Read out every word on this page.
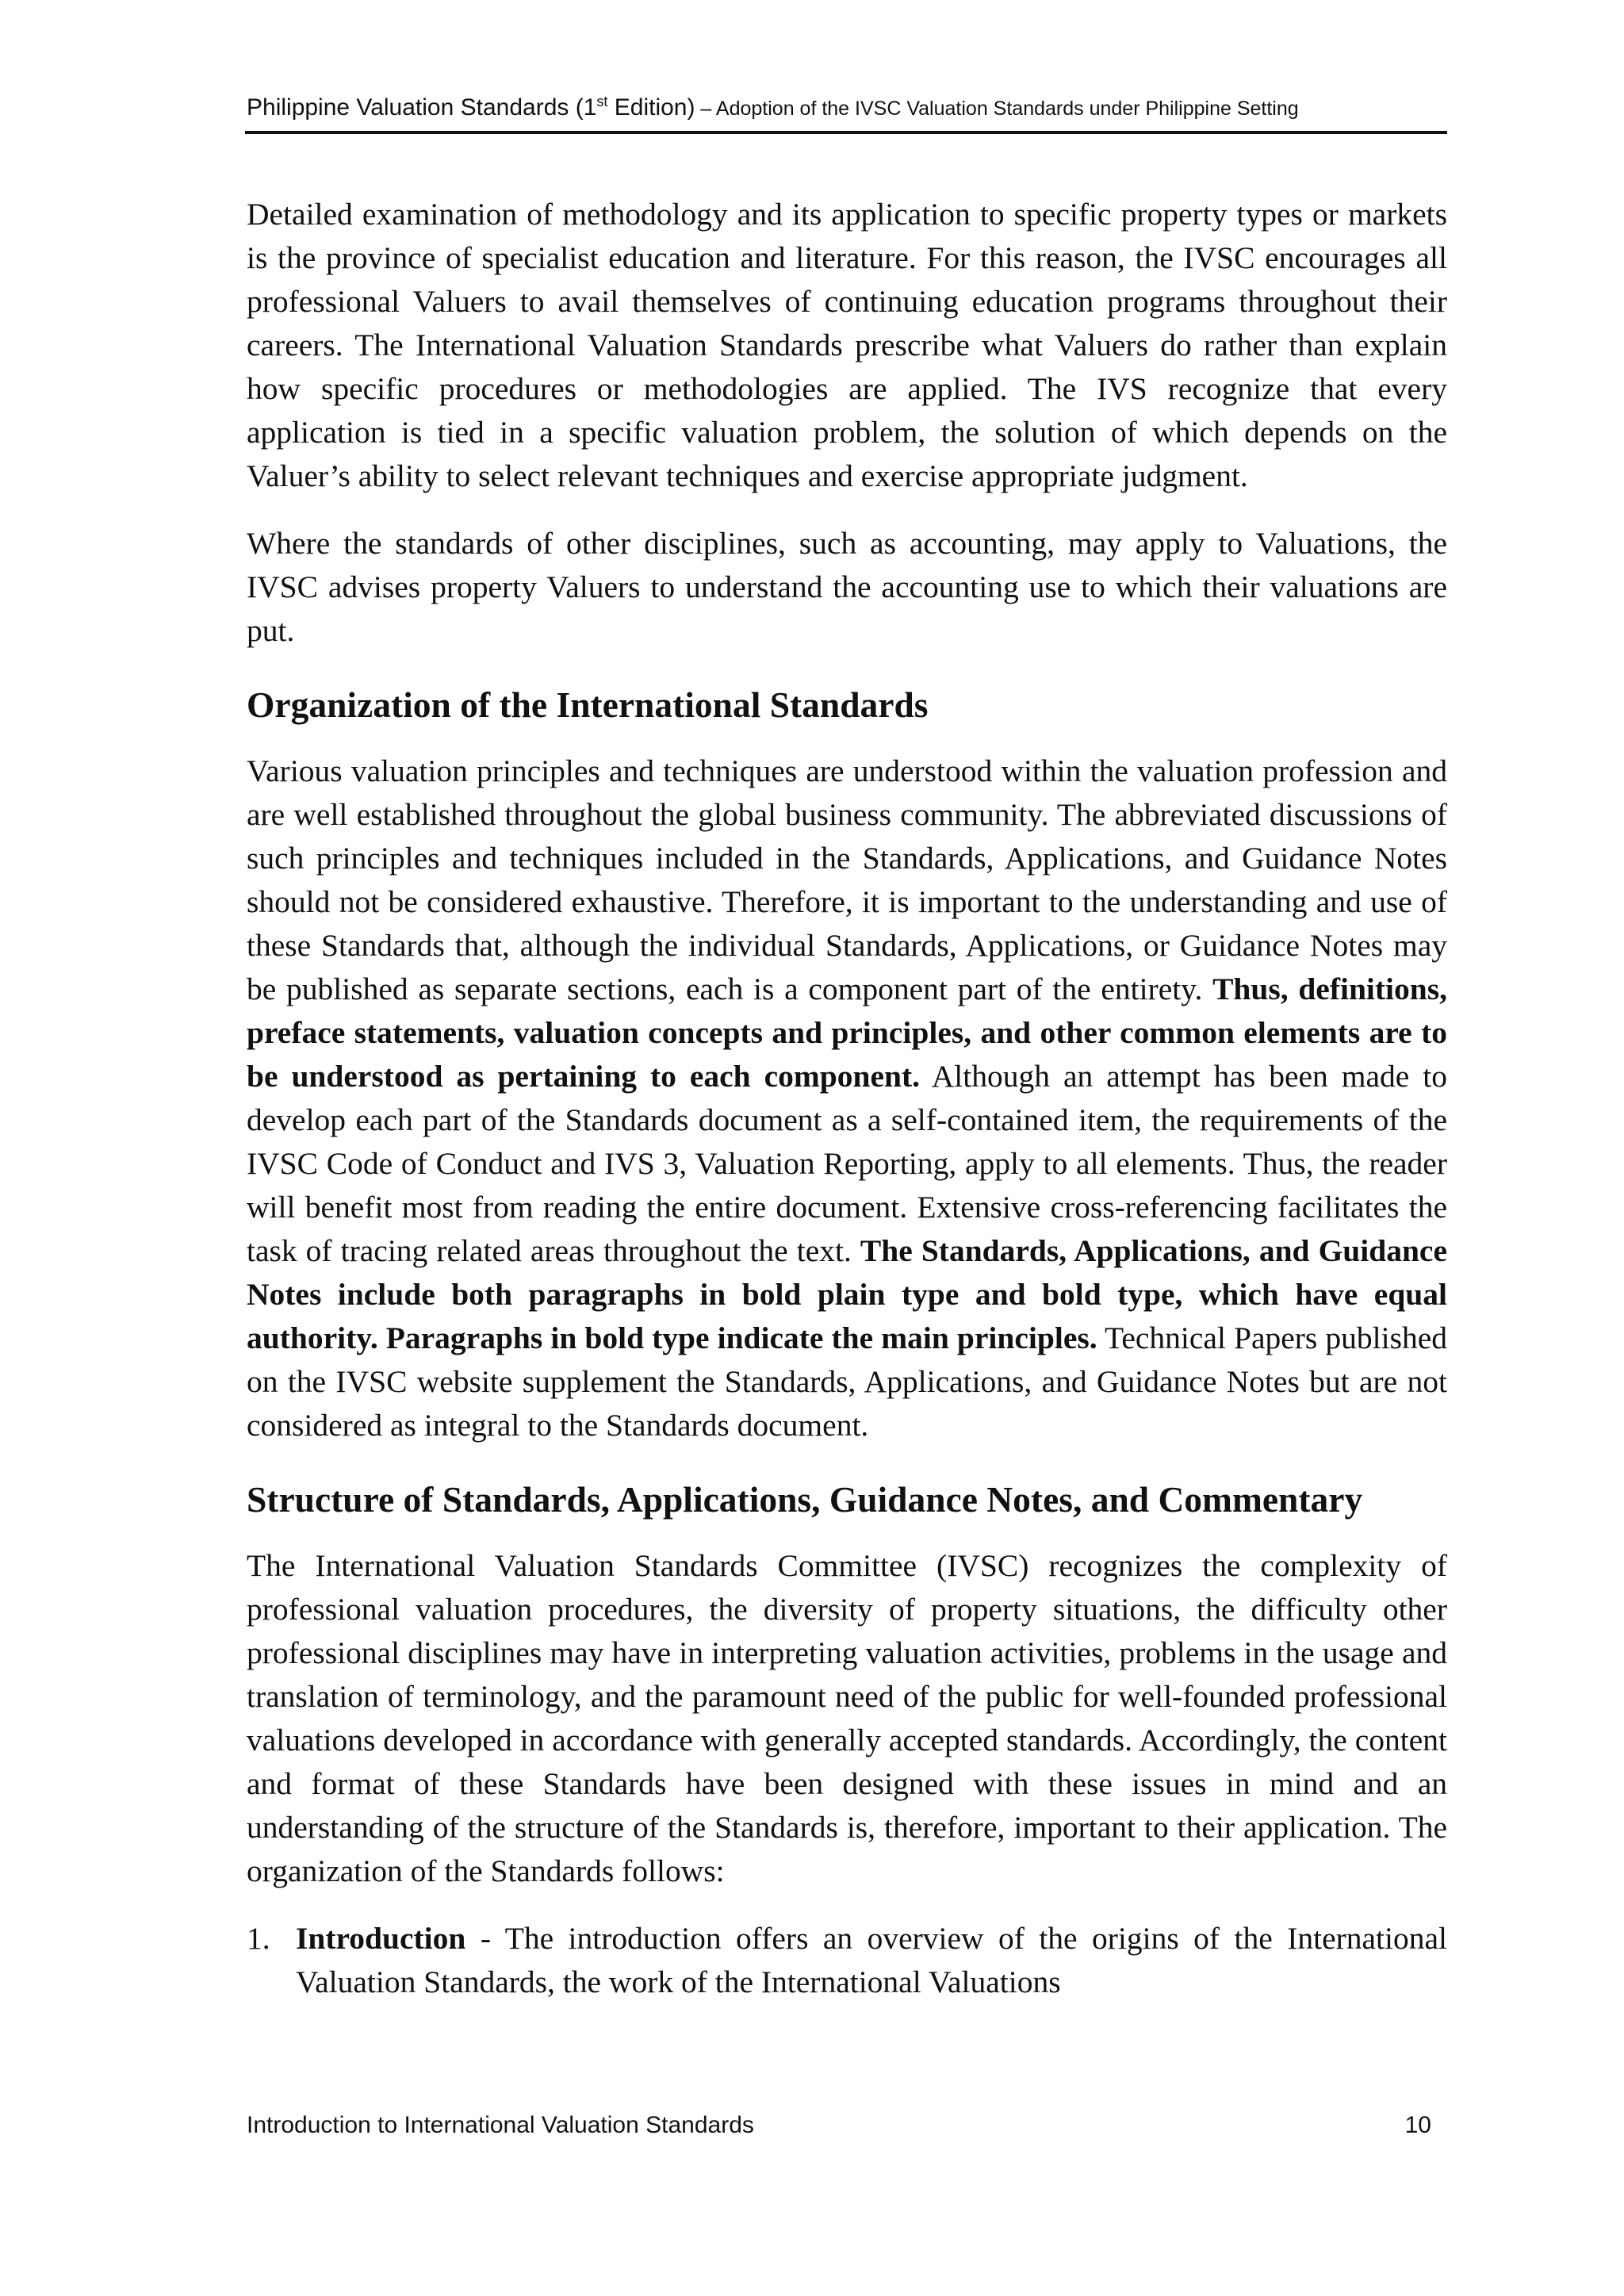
Philippine Valuation Standards (1st Edition) – Adoption of the IVSC Valuation Standards under Philippine Setting

Detailed examination of methodology and its application to specific property types or markets is the province of specialist education and literature. For this reason, the IVSC encourages all professional Valuers to avail themselves of continuing education programs throughout their careers. The International Valuation Standards prescribe what Valuers do rather than explain how specific procedures or methodologies are applied. The IVS recognize that every application is tied in a specific valuation problem, the solution of which depends on the Valuer’s ability to select relevant techniques and exercise appropriate judgment.

Where the standards of other disciplines, such as accounting, may apply to Valuations, the IVSC advises property Valuers to understand the accounting use to which their valuations are put.

Organization of the International Standards

Various valuation principles and techniques are understood within the valuation profession and are well established throughout the global business community. The abbreviated discussions of such principles and techniques included in the Standards, Applications, and Guidance Notes should not be considered exhaustive. Therefore, it is important to the understanding and use of these Standards that, although the individual Standards, Applications, or Guidance Notes may be published as separate sections, each is a component part of the entirety. Thus, definitions, preface statements, valuation concepts and principles, and other common elements are to be understood as pertaining to each component. Although an attempt has been made to develop each part of the Standards document as a self-contained item, the requirements of the IVSC Code of Conduct and IVS 3, Valuation Reporting, apply to all elements. Thus, the reader will benefit most from reading the entire document. Extensive cross-referencing facilitates the task of tracing related areas throughout the text. The Standards, Applications, and Guidance Notes include both paragraphs in bold plain type and bold type, which have equal authority. Paragraphs in bold type indicate the main principles. Technical Papers published on the IVSC website supplement the Standards, Applications, and Guidance Notes but are not considered as integral to the Standards document.

Structure of Standards, Applications, Guidance Notes, and Commentary

The International Valuation Standards Committee (IVSC) recognizes the complexity of professional valuation procedures, the diversity of property situations, the difficulty other professional disciplines may have in interpreting valuation activities, problems in the usage and translation of terminology, and the paramount need of the public for well-founded professional valuations developed in accordance with generally accepted standards. Accordingly, the content and format of these Standards have been designed with these issues in mind and an understanding of the structure of the Standards is, therefore, important to their application. The organization of the Standards follows:

1. Introduction - The introduction offers an overview of the origins of the International Valuation Standards, the work of the International Valuations
Introduction to International Valuation Standards	10
